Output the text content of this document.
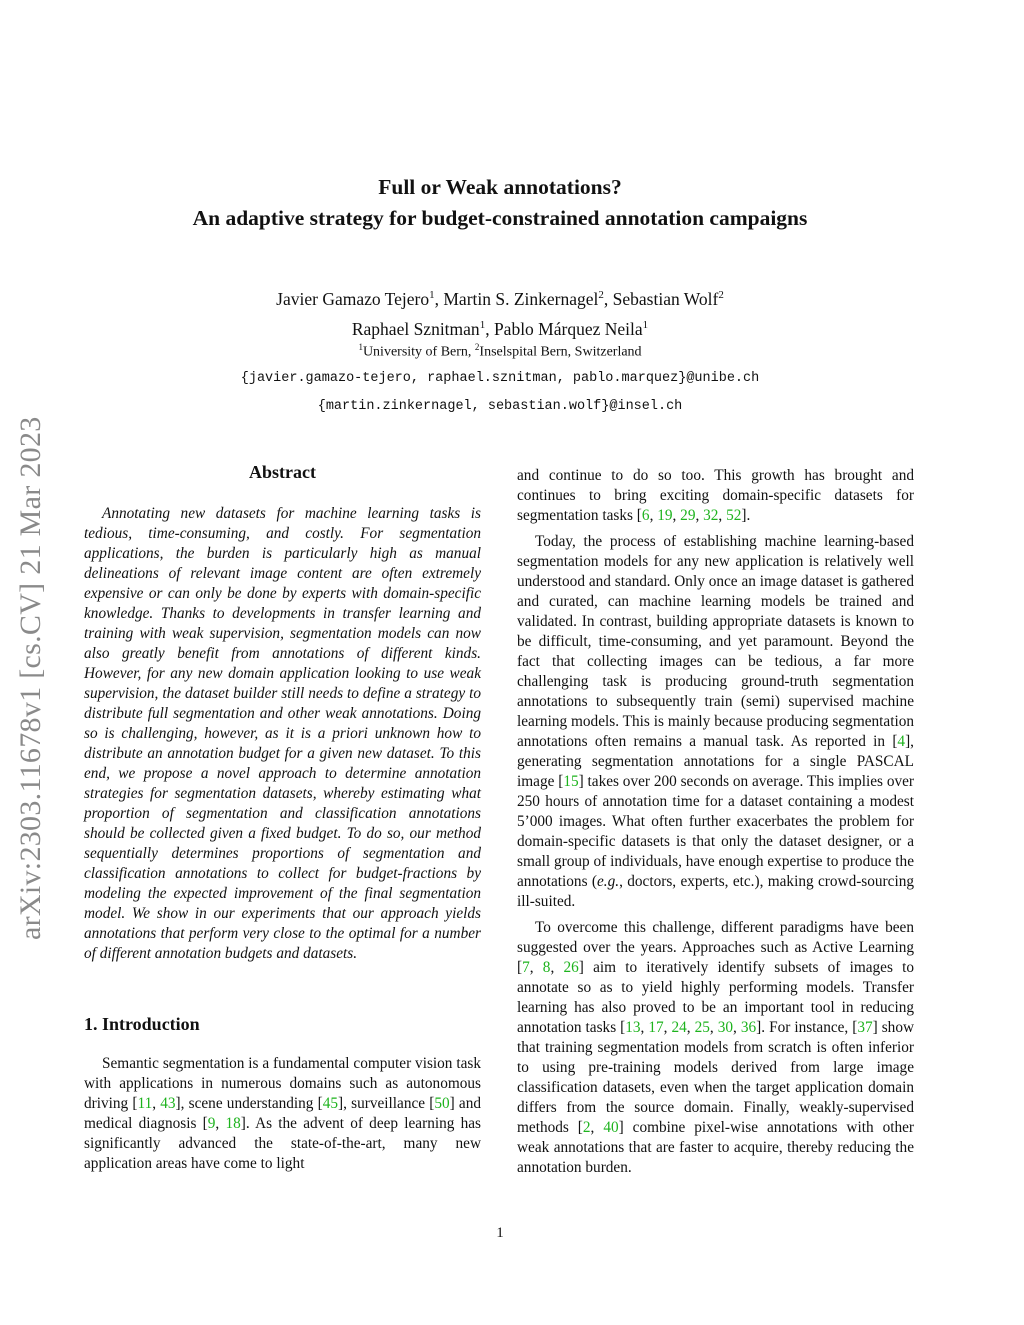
arXiv:2303.11678v1 [cs.CV] 21 Mar 2023

Full or Weak annotations?

An adaptive strategy for budget-constrained annotation campaigns

Javier Gamazo Tejero$^1$, Martin S. Zinkernagel$^2$, Sebastian Wolf$^2$
Raphael Sznitman$^1$, Pablo Márquez Neila$^1$
$^1$University of Bern, $^2$Inselspital Bern, Switzerland
{javier.gamazo-tejero, raphael.sznitman, pablo.marquez}@unibe.ch
{martin.zinkernagel, sebastian.wolf}@insel.ch
Abstract

Annotating new datasets for machine learning tasks is tedious, time-consuming, and costly. For segmentation applications, the burden is particularly high as manual delineations of relevant image content are often extremely expensive or can only be done by experts with domain-specific knowledge. Thanks to developments in transfer learning and training with weak supervision, segmentation models can now also greatly benefit from annotations of different kinds. However, for any new domain application looking to use weak supervision, the dataset builder still needs to define a strategy to distribute full segmentation and other weak annotations. Doing so is challenging, however, as it is a priori unknown how to distribute an annotation budget for a given new dataset. To this end, we propose a novel approach to determine annotation strategies for segmentation datasets, whereby estimating what proportion of segmentation and classification annotations should be collected given a fixed budget. To do so, our method sequentially determines proportions of segmentation and classification annotations to collect for budget-fractions by modeling the expected improvement of the final segmentation model. We show in our experiments that our approach yields annotations that perform very close to the optimal for a number of different annotation budgets and datasets.

1. Introduction

Semantic segmentation is a fundamental computer vision task with applications in numerous domains such as autonomous driving [11, 43], scene understanding [45], surveillance [50] and medical diagnosis [9, 18]. As the advent of deep learning has significantly advanced the state-of-the-art, many new application areas have come to light

and continue to do so too. This growth has brought and continues to bring exciting domain-specific datasets for segmentation tasks [6, 19, 29, 32, 52].

Today, the process of establishing machine learning-based segmentation models for any new application is relatively well understood and standard. Only once an image dataset is gathered and curated, can machine learning models be trained and validated. In contrast, building appropriate datasets is known to be difficult, time-consuming, and yet paramount. Beyond the fact that collecting images can be tedious, a far more challenging task is producing ground-truth segmentation annotations to subsequently train (semi) supervised machine learning models. This is mainly because producing segmentation annotations often remains a manual task. As reported in [4], generating segmentation annotations for a single PASCAL image [15] takes over 200 seconds on average. This implies over 250 hours of annotation time for a dataset containing a modest 5’000 images. What often further exacerbates the problem for domain-specific datasets is that only the dataset designer, or a small group of individuals, have enough expertise to produce the annotations (e.g., doctors, experts, etc.), making crowd-sourcing ill-suited.

To overcome this challenge, different paradigms have been suggested over the years. Approaches such as Active Learning [7, 8, 26] aim to iteratively identify subsets of images to annotate so as to yield highly performing models. Transfer learning has also proved to be an important tool in reducing annotation tasks [13, 17, 24, 25, 30, 36]. For instance, [37] show that training segmentation models from scratch is often inferior to using pre-training models derived from large image classification datasets, even when the target application domain differs from the source domain. Finally, weakly-supervised methods [2, 40] combine pixel-wise annotations with other weak annotations that are faster to acquire, thereby reducing the annotation burden.

1
